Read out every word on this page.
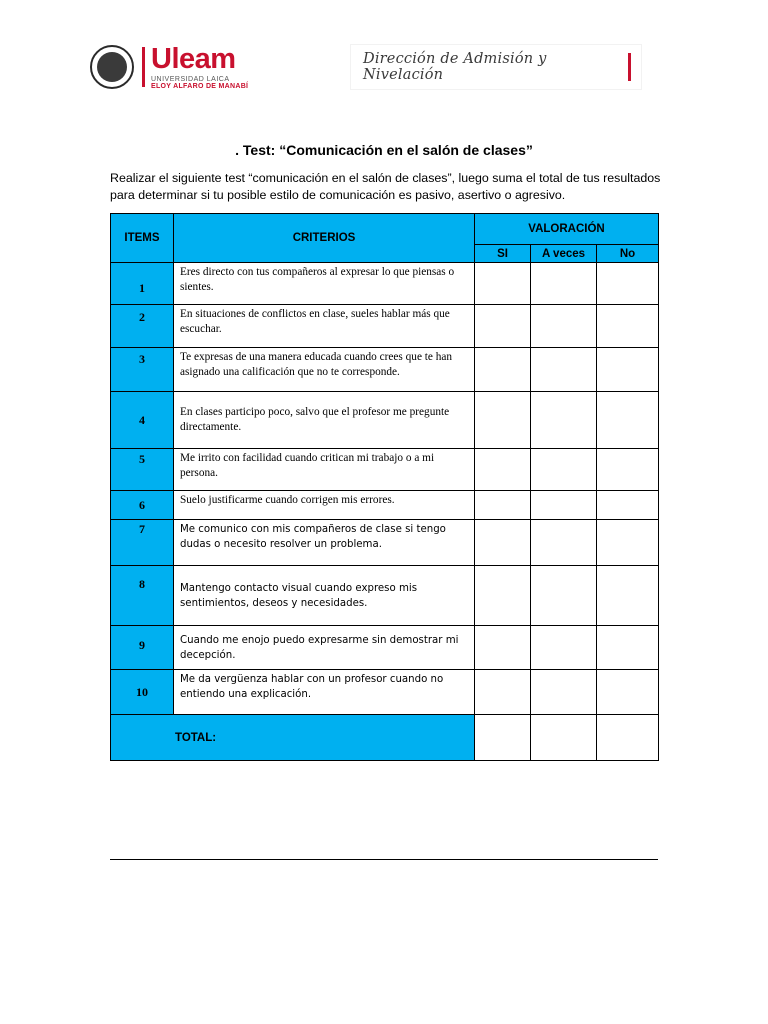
Uleam
UNIVERSIDAD LAICA
ELOY ALFARO DE MANABÍ
Dirección de Admisión y Nivelación
. Test: “Comunicación en el salón de clases”
Realizar el siguiente test “comunicación en el salón de clases”, luego suma el total de tus resultados para determinar si tu posible estilo de comunicación es pasivo, asertivo o agresivo.
ITEMS	CRITERIOS	VALORACIÓN		
		SI	A veces	No
1	Eres directo con tus compañeros al expresar lo que piensas o sientes.			
2	En situaciones de conflictos en clase, sueles hablar más que escuchar.			
3	Te expresas de una manera educada cuando crees que te han asignado una calificación que no te corresponde.			
4	En clases participo poco, salvo que el profesor me pregunte directamente.			
5	Me irrito con facilidad cuando critican mi trabajo o a mi persona.			
6	Suelo justificarme cuando corrigen mis errores.			
7	Me comunico con mis compañeros de clase si tengo dudas o necesito resolver un problema.			
8	Mantengo contacto visual cuando expreso mis sentimientos, deseos y necesidades.			
9	Cuando me enojo puedo expresarme sin demostrar mi decepción.			
10	Me da vergüenza hablar con un profesor cuando no entiendo una explicación.			
TOTAL:				
